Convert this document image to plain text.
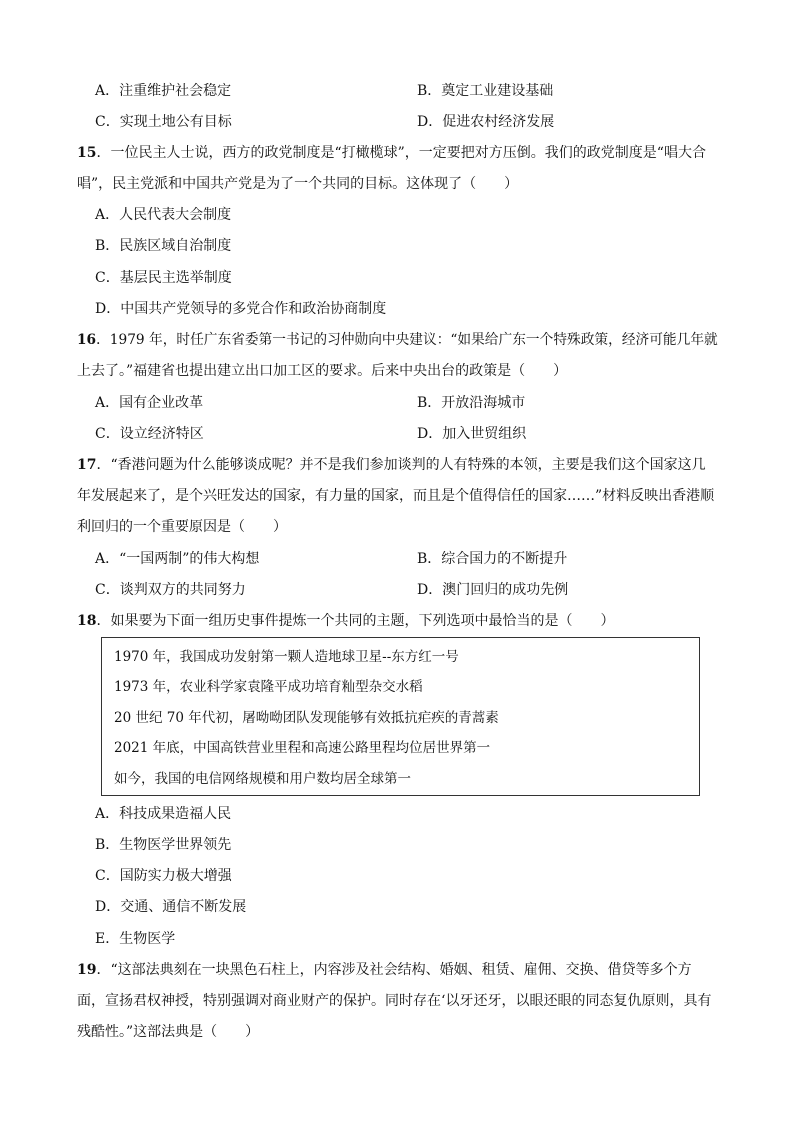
A．注重维护社会稳定	B．奠定工业建设基础
C．实现土地公有目标	D．促进农村经济发展
15．一位民主人士说，西方的政党制度是“打橄榄球”，一定要把对方压倒。我们的政党制度是“唱大合
唱”，民主党派和中国共产党是为了一个共同的目标。这体现了（　　）
A．人民代表大会制度
B．民族区域自治制度
C．基层民主选举制度
D．中国共产党领导的多党合作和政治协商制度
16．1979 年，时任广东省委第一书记的习仲勋向中央建议：“如果给广东一个特殊政策，经济可能几年就
上去了。”福建省也提出建立出口加工区的要求。后来中央出台的政策是（　　）
A．国有企业改革	B．开放沿海城市
C．设立经济特区	D．加入世贸组织
17．“香港问题为什么能够谈成呢？并不是我们参加谈判的人有特殊的本领，主要是我们这个国家这几
年发展起来了，是个兴旺发达的国家，有力量的国家，而且是个值得信任的国家……”材料反映出香港顺
利回归的一个重要原因是（　　）
A．“一国两制”的伟大构想	B．综合国力的不断提升
C．谈判双方的共同努力	D．澳门回归的成功先例
18．如果要为下面一组历史事件提炼一个共同的主题，下列选项中最恰当的是（　　）
1970 年，我国成功发射第一颗人造地球卫星--东方红一号
1973 年，农业科学家袁隆平成功培育籼型杂交水稻
20 世纪 70 年代初，屠呦呦团队发现能够有效抵抗疟疾的青蒿素
2021 年底，中国高铁营业里程和高速公路里程均位居世界第一
如今，我国的电信网络规模和用户数均居全球第一
A．科技成果造福人民
B．生物医学世界领先
C．国防实力极大增强
D．交通、通信不断发展
E．生物医学
19．“这部法典刻在一块黑色石柱上，内容涉及社会结构、婚姻、租赁、雇佣、交换、借贷等多个方
面，宣扬君权神授，特别强调对商业财产的保护。同时存在‘以牙还牙，以眼还眼的同态复仇原则，具有
残酷性。”这部法典是（　　）
